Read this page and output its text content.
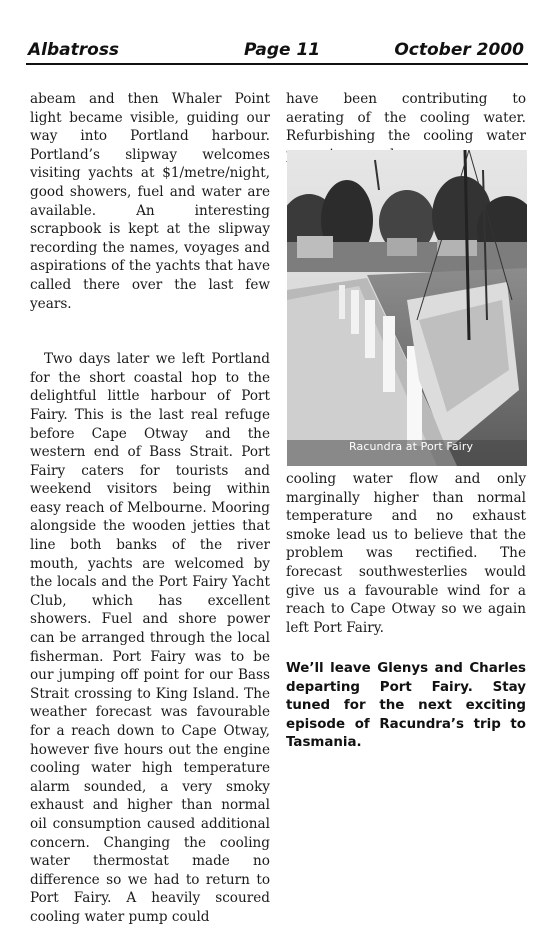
Albatross	Page 11	October 2000

abeam and then Whaler Point light became visible, guiding our way into Portland harbour. Portland’s slipway welcomes visiting yachts at $1/metre/night, good showers, fuel and water are available. An interesting scrapbook is kept at the slipway recording the names, voyages and aspirations of the yachts that have called there over the last few years.

Two days later we left Portland for the short coastal hop to the delightful little harbour of Port Fairy. This is the last real refuge before Cape Otway and the western end of Bass Strait. Port Fairy caters for tourists and weekend visitors being within easy reach of Melbourne. Mooring alongside the wooden jetties that line both banks of the river mouth, yachts are welcomed by the locals and the Port Fairy Yacht Club, which has excellent showers. Fuel and shore power can be arranged through the local fisherman. Port Fairy was to be our jumping off point for our Bass Strait crossing to King Island. The weather forecast was favourable for a reach down to Cape Otway, however five hours out the engine cooling water high temperature alarm sounded, a very smoky exhaust and higher than normal oil consumption caused additional concern. Changing the cooling water thermostat made no difference so we had to return to Port Fairy. A heavily scoured cooling water pump could

have been contributing to aerating of the cooling water. Refurbishing the cooling water

Racundra at Port Fairy

cooling water flow and only marginally higher than normal temperature and no exhaust smoke lead us to believe that the problem was rectified. The forecast southwesterlies would give us a favourable wind for a reach to Cape Otway so we again left Port Fairy.

We’ll leave Glenys and Charles departing Port Fairy. Stay tuned for the next exciting episode of Racundra’s trip to Tasmania.
